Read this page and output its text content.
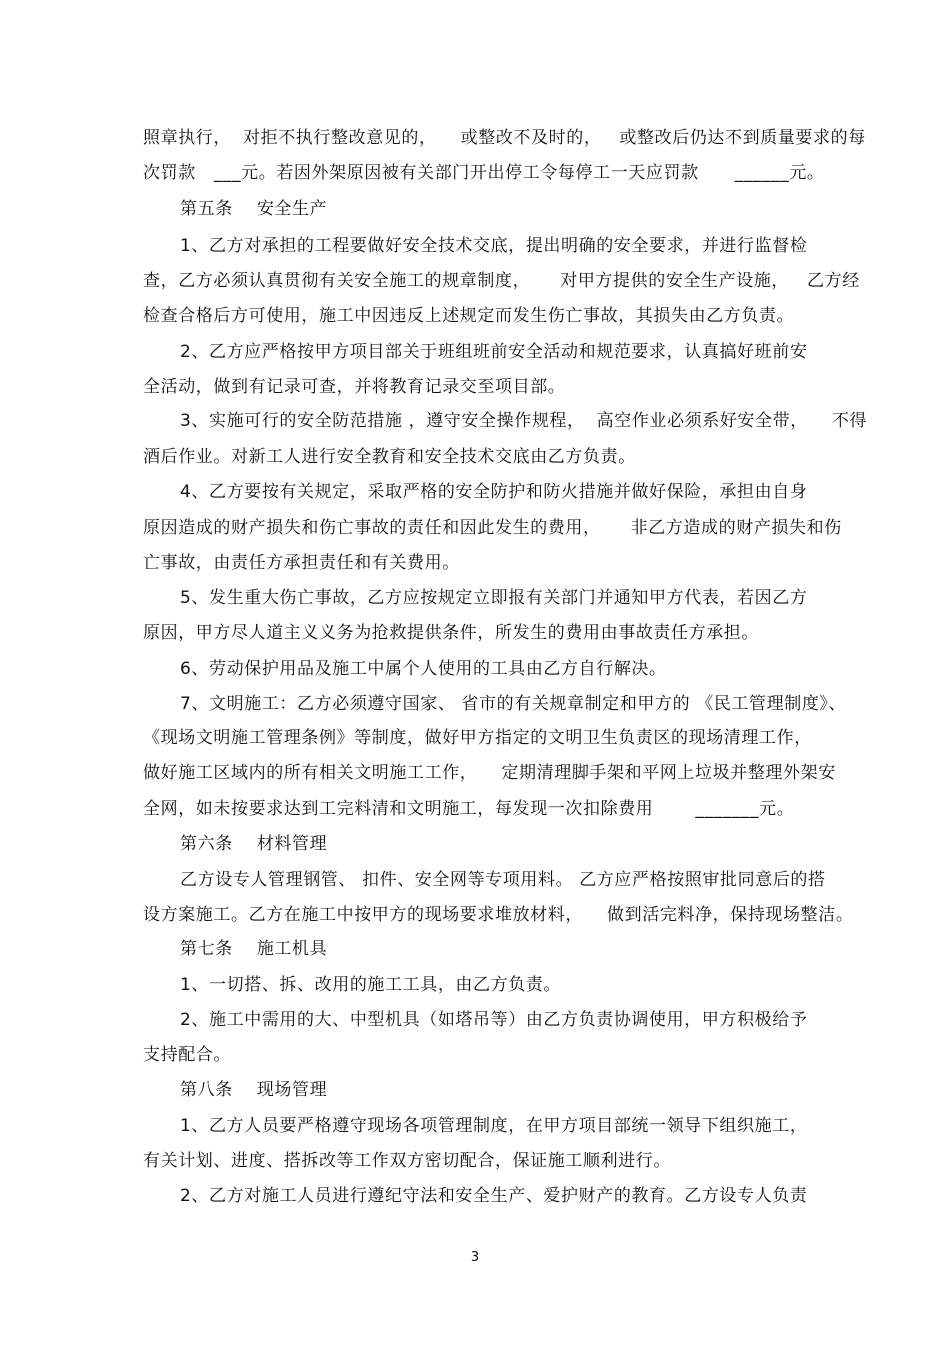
照章执行，  对拒不执行整改意见的，    或整改不及时的，   或整改后仍达不到质量要求的每

次罚款   ___元。若因外架原因被有关部门开出停工令每停工一天应罚款      ______元。

第五条    安全生产

1、乙方对承担的工程要做好安全技术交底，提出明确的安全要求，并进行监督检

查，乙方必须认真贯彻有关安全施工的规章制度，     对甲方提供的安全生产设施，   乙方经

检查合格后方可使用，施工中因违反上述规定而发生伤亡事故，其损失由乙方负责。

2、乙方应严格按甲方项目部关于班组班前安全活动和规范要求，认真搞好班前安

全活动，做到有记录可查，并将教育记录交至项目部。

3、实施可行的安全防范措施 ，遵守安全操作规程，  高空作业必须系好安全带，    不得

酒后作业。对新工人进行安全教育和安全技术交底由乙方负责。

4、乙方要按有关规定，采取严格的安全防护和防火措施并做好保险，承担由自身

原因造成的财产损失和伤亡事故的责任和因此发生的费用，     非乙方造成的财产损失和伤

亡事故，由责任方承担责任和有关费用。

5、发生重大伤亡事故，乙方应按规定立即报有关部门并通知甲方代表，若因乙方

原因，甲方尽人道主义义务为抢救提供条件，所发生的费用由事故责任方承担。

6、劳动保护用品及施工中属个人使用的工具由乙方自行解决。

7、文明施工：乙方必须遵守国家、 省市的有关规章制定和甲方的 《民工管理制度》、

《现场文明施工管理条例》等制度，做好甲方指定的文明卫生负责区的现场清理工作，

做好施工区域内的所有相关文明施工工作，    定期清理脚手架和平网上垃圾并整理外架安

全网，如未按要求达到工完料清和文明施工，每发现一次扣除费用       _______元。

第六条    材料管理

乙方设专人管理钢管、 扣件、安全网等专项用料。 乙方应严格按照审批同意后的搭

设方案施工。乙方在施工中按甲方的现场要求堆放材料，    做到活完料净，保持现场整洁。

第七条    施工机具

1、一切搭、拆、改用的施工工具，由乙方负责。

2、施工中需用的大、中型机具（如塔吊等）由乙方负责协调使用，甲方积极给予

支持配合。

第八条    现场管理

1、乙方人员要严格遵守现场各项管理制度，在甲方项目部统一领导下组织施工，

有关计划、进度、搭拆改等工作双方密切配合，保证施工顺利进行。

2、乙方对施工人员进行遵纪守法和安全生产、爱护财产的教育。乙方设专人负责

3
